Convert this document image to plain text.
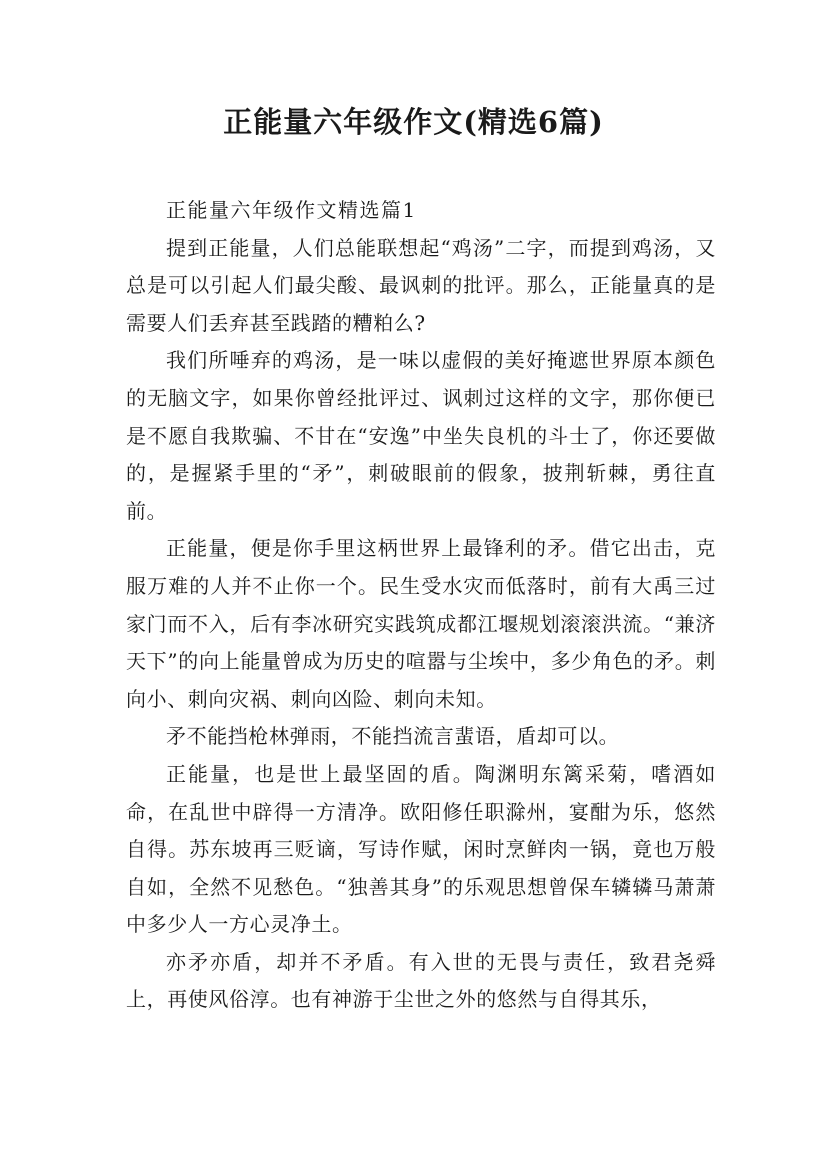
正能量六年级作文(精选6篇)

正能量六年级作文精选篇1

提到正能量，人们总能联想起“鸡汤”二字，而提到鸡汤，又总是可以引起人们最尖酸、最讽刺的批评。那么，正能量真的是需要人们丢弃甚至践踏的糟粕么?

我们所唾弃的鸡汤，是一味以虚假的美好掩遮世界原本颜色的无脑文字，如果你曾经批评过、讽刺过这样的文字，那你便已是不愿自我欺骗、不甘在“安逸”中坐失良机的斗士了，你还要做的，是握紧手里的“矛”，刺破眼前的假象，披荆斩棘，勇往直前。

正能量，便是你手里这柄世界上最锋利的矛。借它出击，克服万难的人并不止你一个。民生受水灾而低落时，前有大禹三过家门而不入，后有李冰研究实践筑成都江堰规划滚滚洪流。“兼济天下”的向上能量曾成为历史的喧嚣与尘埃中，多少角色的矛。刺向小、刺向灾祸、刺向凶险、刺向未知。

矛不能挡枪林弹雨，不能挡流言蜚语，盾却可以。

正能量，也是世上最坚固的盾。陶渊明东篱采菊，嗜酒如命，在乱世中辟得一方清净。欧阳修任职滁州，宴酣为乐，悠然自得。苏东坡再三贬谪，写诗作赋，闲时烹鲜肉一锅，竟也万般自如，全然不见愁色。“独善其身”的乐观思想曾保车辚辚马萧萧中多少人一方心灵净土。

亦矛亦盾，却并不矛盾。有入世的无畏与责任，致君尧舜上，再使风俗淳。也有神游于尘世之外的悠然与自得其乐，
